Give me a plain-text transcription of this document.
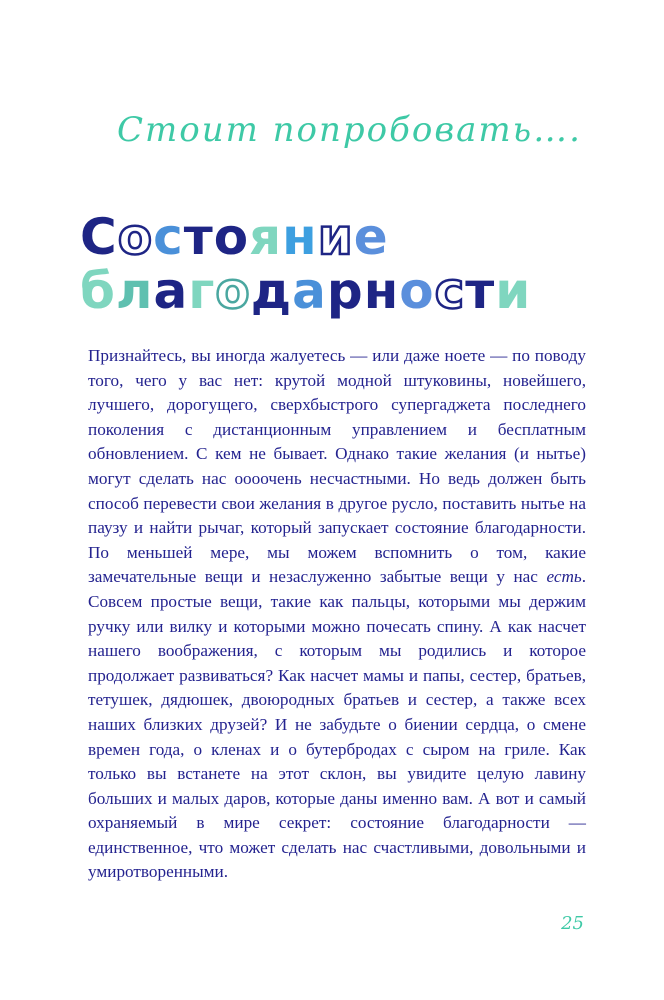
Стоит попробовать….
Состояние
благодарности

Признайтесь, вы иногда жалуетесь — или даже ноете — по поводу того, чего у вас нет: крутой модной штуковины, новейшего, лучшего, дорогущего, сверхбыстрого супергаджета последнего поколения с дистанционным управлением и бесплатным обновлением. С кем не бывает. Однако такие желания (и нытье) могут сделать нас оооочень несчастными. Но ведь должен быть способ перевести свои желания в другое русло, поставить нытье на паузу и найти рычаг, который запускает состояние благодарности. По меньшей мере, мы можем вспомнить о том, какие замечательные вещи и незаслуженно забытые вещи у нас есть. Совсем простые вещи, такие как пальцы, которыми мы держим ручку или вилку и которыми можно почесать спину. А как насчет нашего воображения, с которым мы родились и которое продолжает развиваться? Как насчет мамы и папы, сестер, братьев, тетушек, дядюшек, двоюродных братьев и сестер, а также всех наших близких друзей? И не забудьте о биении сердца, о смене времен года, о кленах и о бутербродах с сыром на гриле. Как только вы встанете на этот склон, вы увидите целую лавину больших и малых даров, которые даны именно вам. А вот и самый охраняемый в мире секрет: состояние благодарности — единственное, что может сделать нас счастливыми, довольными и умиротворенными.

25
